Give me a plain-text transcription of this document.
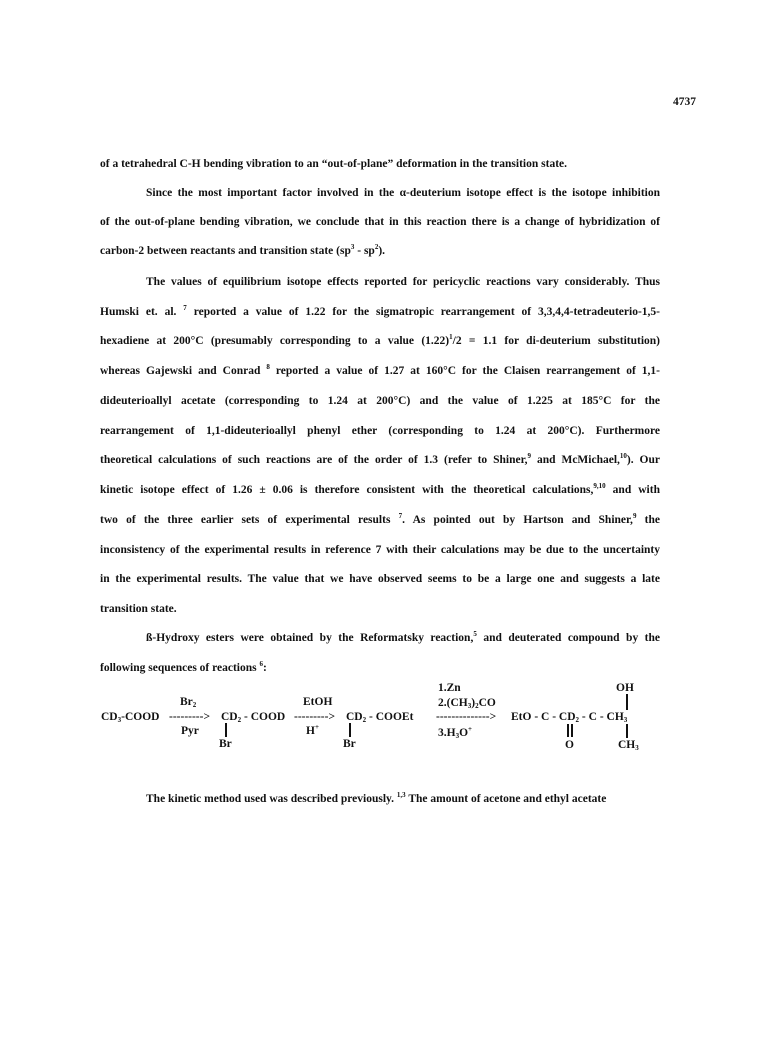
4737
of a tetrahedral C-H bending vibration to an “out-of-plane” deformation in the transition state.
Since the most important factor involved in the α-deuterium isotope effect is the isotope inhibition
of the out-of-plane bending vibration, we conclude that in this reaction there is a change of hybridization of
carbon-2 between reactants and transition state $(sp^3 - sp^2)$.
The values of equilibrium isotope effects reported for pericyclic reactions vary considerably. Thus
Humski et. al. $^7$ reported a value of 1.22 for the sigmatropic rearrangement of 3,3,4,4-tetradeuterio-1,5-
hexadiene at 200°C (presumably corresponding to a value $(1.22)^1/2 = 1.1$ for di-deuterium substitution)
whereas Gajewski and Conrad $^8$ reported a value of 1.27 at 160°C for the Claisen rearrangement of 1,1-
dideuterioallyl acetate (corresponding to 1.24 at 200°C) and the value of 1.225 at 185°C for the
rearrangement of 1,1-dideuterioallyl phenyl ether (corresponding to 1.24 at 200°C). Furthermore
theoretical calculations of such reactions are of the order of 1.3 (refer to Shiner,$^9$ and McMichael,$^{10}$). Our
kinetic isotope effect of 1.26 ± 0.06 is therefore consistent with the theoretical calculations,$^{9,10}$ and with
two of the three earlier sets of experimental results $^7$. As pointed out by Hartson and Shiner,$^9$ the
inconsistency of the experimental results in reference 7 with their calculations may be due to the uncertainty
in the experimental results. The value that we have observed seems to be a large one and suggests a late
transition state.
ß-Hydroxy esters were obtained by the Reformatsky reaction,$^5$ and deuterated compound by the
following sequences of reactions $^6$:
$CD_3$-COOD
$Br_2$
--------->
Pyr
$CD_2$ - COOD
Br
EtOH
--------->
H+
$CD_2$ - COOEt
Br
1.Zn
$2.(CH_3)_2CO$
-------------->
$3.H_3O^+$
OH
EtO - C - $CD_2$ - C - $CH_3$
O	$CH_3$
The kinetic method used was described previously. $^{1,3}$ The amount of acetone and ethyl acetate
